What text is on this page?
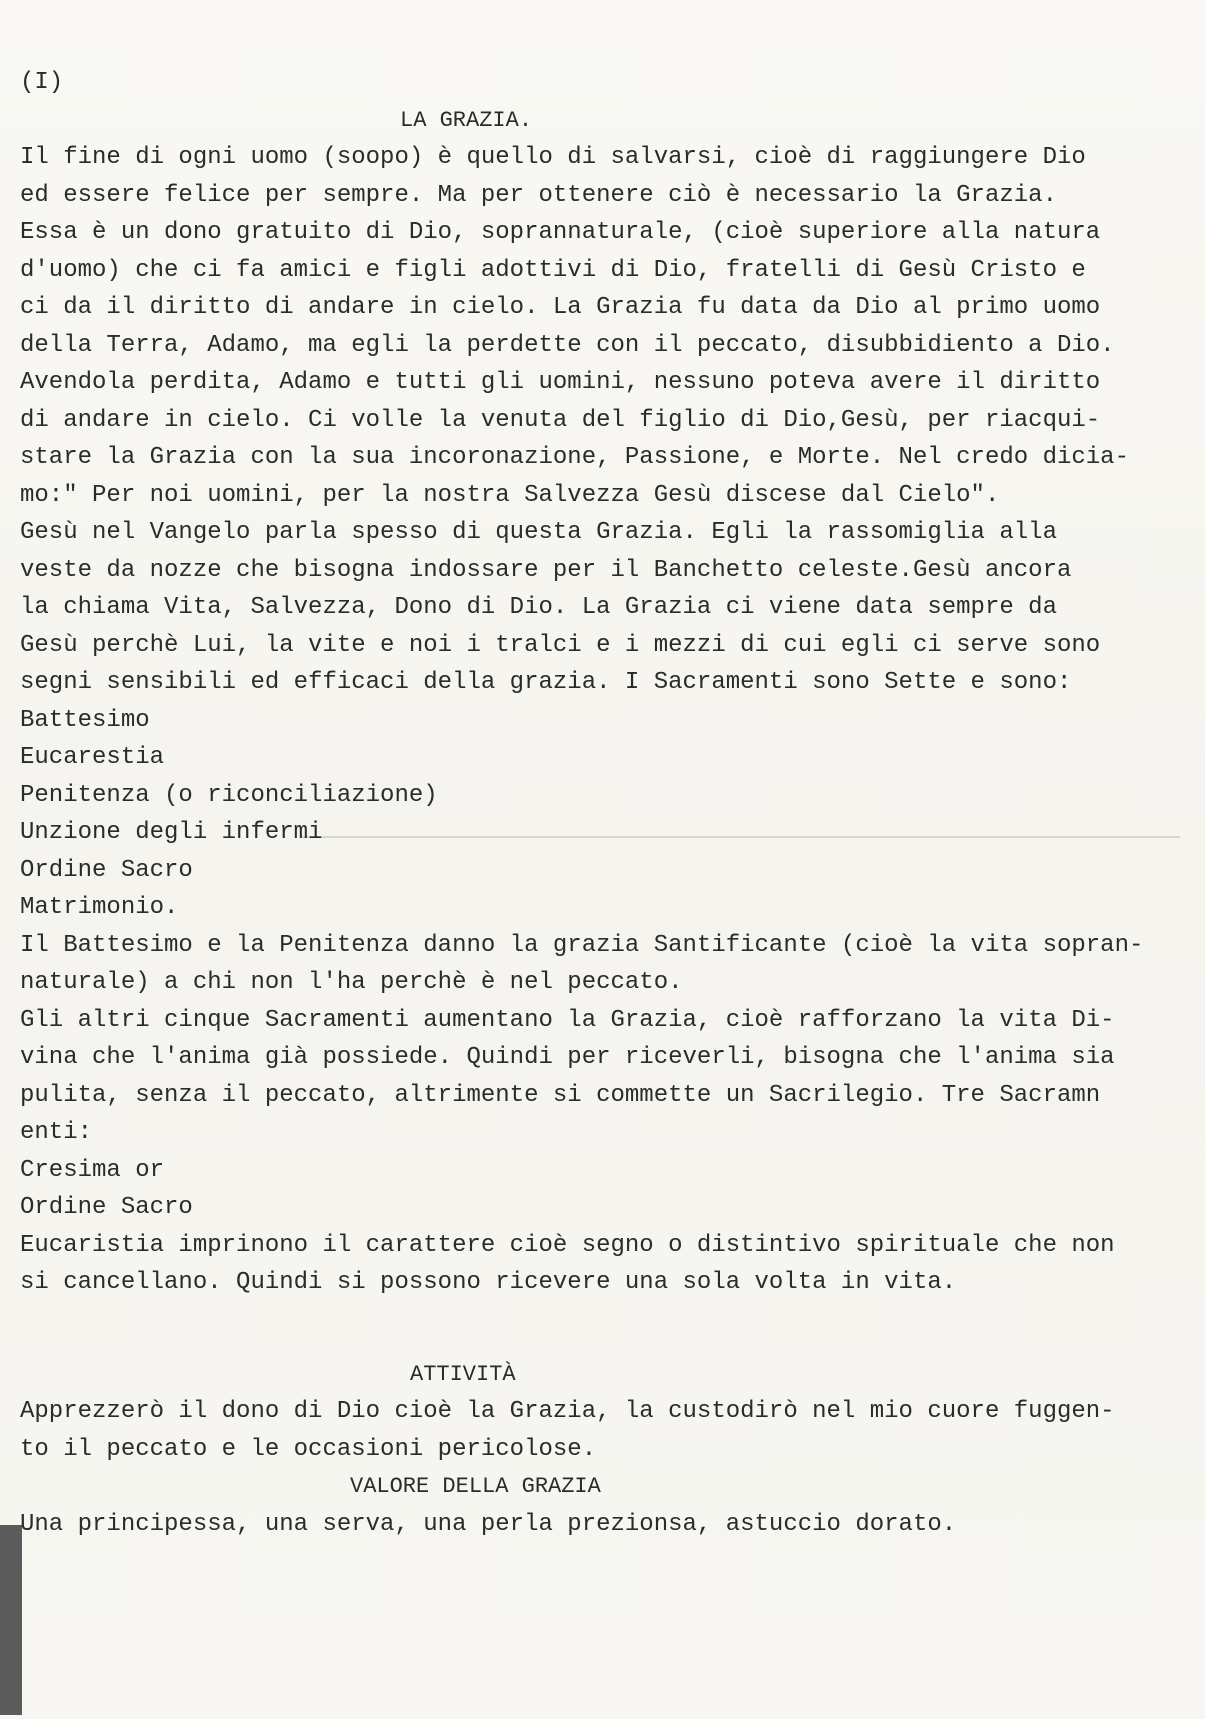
(I)
LA GRAZIA.
Il fine di ogni uomo (soopo) è quello di salvarsi, cioè di raggiungere Dio
ed essere felice per sempre. Ma per ottenere ciò è necessario la Grazia.
Essa è un dono gratuito di Dio, soprannaturale, (cioè superiore alla natura
d'uomo) che ci fa amici e figli adottivi di Dio, fratelli di Gesù Cristo e
ci da il diritto di andare in cielo. La Grazia fu data da Dio al primo uomo
della Terra, Adamo, ma egli la perdette con il peccato, disubbidiento a Dio.
Avendola perdita, Adamo e tutti gli uomini, nessuno poteva avere il diritto
di andare in cielo. Ci volle la venuta del figlio di Dio,Gesù, per riacqui-
stare la Grazia con la sua incoronazione, Passione, e Morte. Nel credo dicia-
mo:" Per noi uomini, per la nostra Salvezza Gesù discese dal Cielo".
Gesù nel Vangelo parla spesso di questa Grazia. Egli la rassomiglia alla
veste da nozze che bisogna indossare per il Banchetto celeste.Gesù ancora
la chiama Vita, Salvezza, Dono di Dio. La Grazia ci viene data sempre da
Gesù perchè Lui, la vite e noi i tralci e i mezzi di cui egli ci serve sono
segni sensibili ed efficaci della grazia. I Sacramenti sono Sette e sono:
Battesimo
Eucarestia
Penitenza (o riconciliazione)
Unzione degli infermi
Ordine Sacro
Matrimonio.
Il Battesimo e la Penitenza danno la grazia Santificante (cioè la vita sopran-
naturale) a chi non l'ha perchè è nel peccato.
Gli altri cinque Sacramenti aumentano la Grazia, cioè rafforzano la vita Di-
vina che l'anima già possiede. Quindi per riceverli, bisogna che l'anima sia
pulita, senza il peccato, altrimente si commette un Sacrilegio. Tre Sacramn
enti:
Cresima or
Ordine Sacro
Eucaristia imprinono il carattere cioè segno o distintivo spirituale che non
si cancellano. Quindi si possono ricevere una sola volta in vita.
ATTIVITÀ
Apprezzerò il dono di Dio cioè la Grazia, la custodirò nel mio cuore fuggen-
to il peccato e le occasioni pericolose.
VALORE DELLA GRAZIA
Una principessa, una serva, una perla prezionsa, astuccio dorato.
